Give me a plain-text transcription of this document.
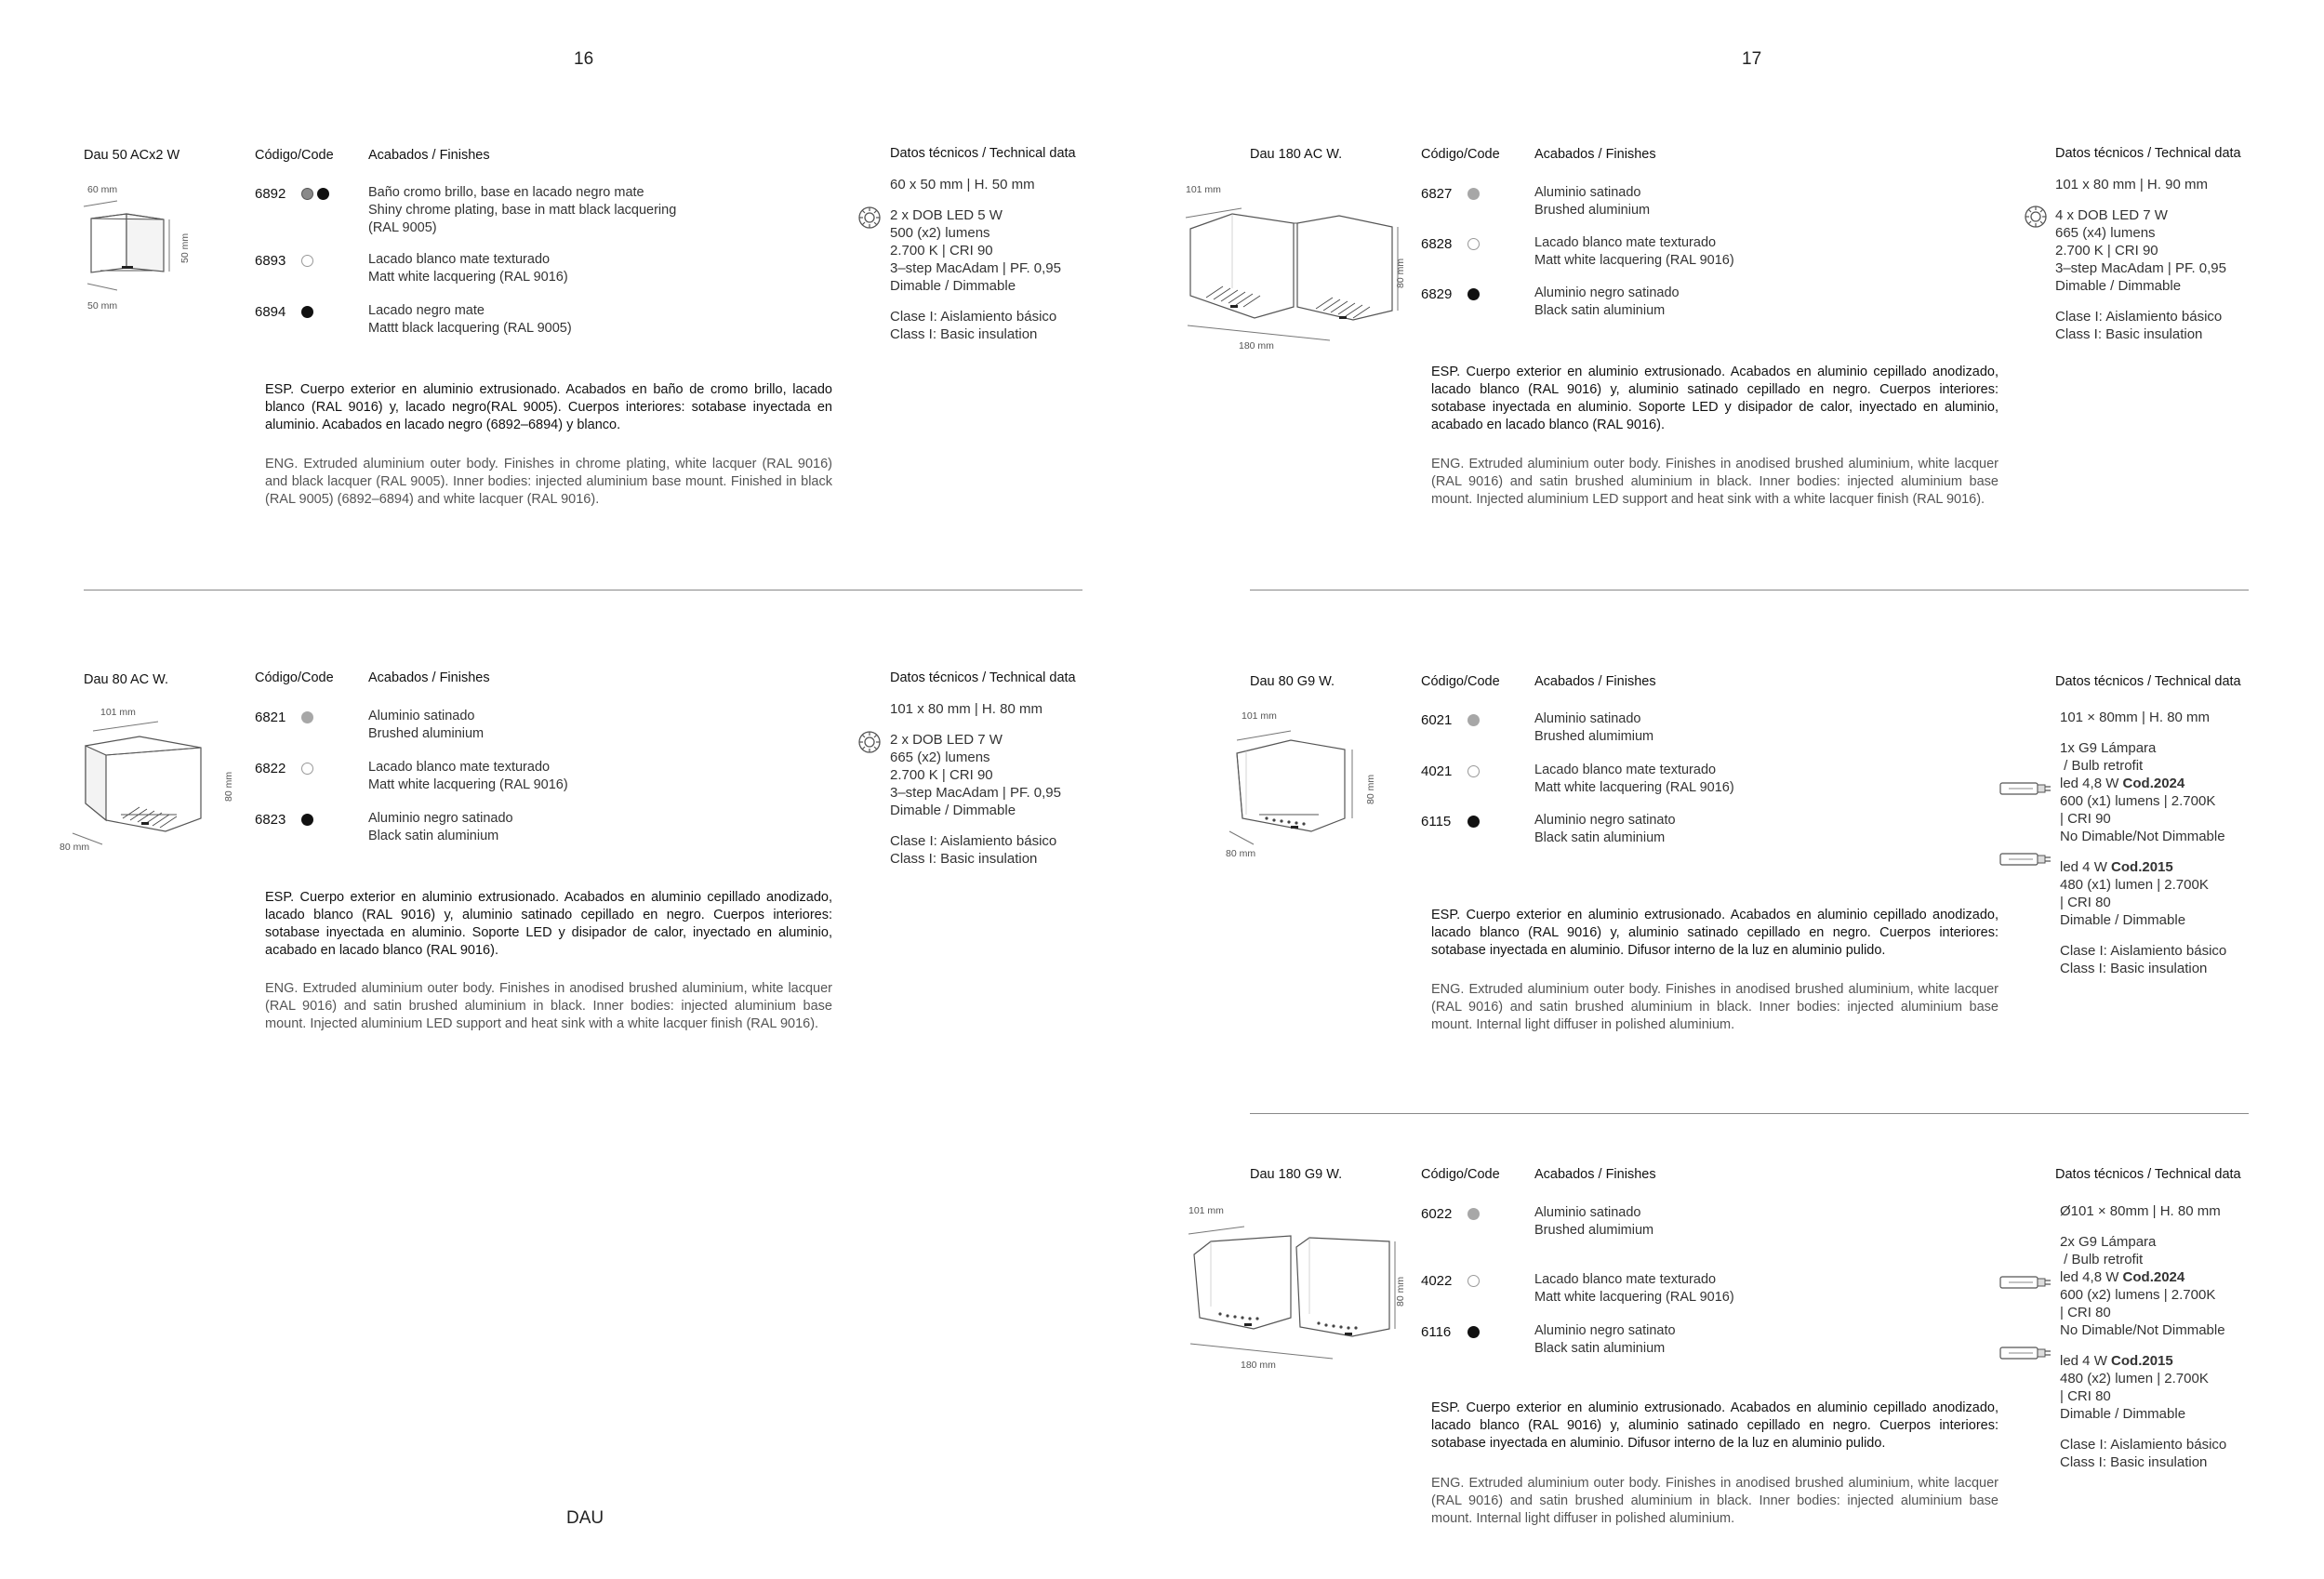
16	17
DAU
Dau 50 ACx2 W	Código/Code	Acabados / Finishes	Datos técnicos / Technical data
60 mm
50 mm
50 mm
6892	Baño cromo brillo, base en lacado negro mate
Shiny chrome plating, base in matt black lacquering
(RAL 9005)
6893	Lacado blanco mate texturado
Matt white lacquering (RAL 9016)
6894	Lacado negro mate
Mattt black lacquering (RAL 9005)

60 x 50 mm | H. 50 mm

2 x DOB LED 5 W

500 (x2) lumens

2.700 K | CRI 90

3–step MacAdam | PF. 0,95

Dimable / Dimmable

Clase I: Aislamiento básico

Class I: Basic insulation

ESP. Cuerpo exterior en aluminio extrusionado. Acabados en baño de cromo brillo, lacado blanco (RAL 9016) y, lacado negro(RAL 9005). Cuerpos interiores: sotabase inyectada en aluminio. Acabados en lacado negro (6892–6894) y blanco.
ENG. Extruded aluminium outer body. Finishes in chrome plating, white lacquer (RAL 9016) and black lacquer (RAL 9005). Inner bodies: injected aluminium base mount. Finished in black (RAL 9005) (6892–6894) and white lacquer (RAL 9016).
Dau 80 AC W.	Código/Code	Acabados / Finishes	Datos técnicos / Technical data
101 mm
80 mm
80 mm
6821	Aluminio satinado
Brushed aluminium
6822	Lacado blanco mate texturado
Matt white lacquering (RAL 9016)
6823	Aluminio negro satinado
Black satin aluminium

101 x 80 mm | H. 80 mm

2 x DOB LED 7 W

665 (x2) lumens

2.700 K | CRI 90

3–step MacAdam | PF. 0,95

Dimable / Dimmable

Clase I: Aislamiento básico

Class I: Basic insulation

ESP. Cuerpo exterior en aluminio extrusionado. Acabados en aluminio cepillado anodizado, lacado blanco (RAL 9016) y, aluminio satinado cepillado en negro. Cuerpos interiores: sotabase inyectada en aluminio. Soporte LED y disipador de calor, inyectado en aluminio, acabado en lacado blanco (RAL 9016).
ENG. Extruded aluminium outer body. Finishes in anodised brushed aluminium, white lacquer (RAL 9016) and satin brushed aluminium in black. Inner bodies: injected aluminium base mount. Injected aluminium LED support and heat sink with a white lacquer finish (RAL 9016).
Dau 180 AC W.	Código/Code	Acabados / Finishes	Datos técnicos / Technical data
101 mm
80 mm
180 mm
6827	Aluminio satinado
Brushed aluminium
6828	Lacado blanco mate texturado
Matt white lacquering (RAL 9016)
6829	Aluminio negro satinado
Black satin aluminium

101 x 80 mm | H. 90 mm

4 x DOB LED 7 W

665 (x4) lumens

2.700 K | CRI 90

3–step MacAdam | PF. 0,95

Dimable / Dimmable

Clase I: Aislamiento básico

Class I: Basic insulation

ESP. Cuerpo exterior en aluminio extrusionado. Acabados en aluminio cepillado anodizado, lacado blanco (RAL 9016) y, aluminio satinado cepillado en negro. Cuerpos interiores: sotabase inyectada en aluminio. Soporte LED y disipador de calor, inyectado en aluminio, acabado en lacado blanco (RAL 9016).
ENG. Extruded aluminium outer body. Finishes in anodised brushed aluminium, white lacquer (RAL 9016) and satin brushed aluminium in black. Inner bodies: injected aluminium base mount. Injected aluminium LED support and heat sink with a white lacquer finish (RAL 9016).
Dau 80 G9 W.	Código/Code	Acabados / Finishes	Datos técnicos / Technical data
101 mm
80 mm
80 mm
6021	Aluminio satinado
Brushed alumimium
4021	Lacado blanco mate texturado
Matt white lacquering (RAL 9016)
6115	Aluminio negro satinato
Black satin aluminium

101 × 80mm | H. 80 mm

1x G9 Lámpara

/ Bulb retrofit

led 4,8 W Cod.2024

600 (x1) lumens | 2.700K

| CRI 90

No Dimable/Not Dimmable

led 4 W Cod.2015

480 (x1) lumen | 2.700K

| CRI 80

Dimable / Dimmable

Clase I: Aislamiento básico

Class I: Basic insulation

ESP. Cuerpo exterior en aluminio extrusionado. Acabados en aluminio cepillado anodizado, lacado blanco (RAL 9016) y, aluminio satinado cepillado en negro. Cuerpos interiores: sotabase inyectada en aluminio. Difusor interno de la luz en aluminio pulido.
ENG. Extruded aluminium outer body. Finishes in anodised brushed aluminium, white lacquer (RAL 9016) and satin brushed aluminium in black. Inner bodies: injected aluminium base mount. Internal light diffuser in polished aluminium.
Dau 180 G9 W.	Código/Code	Acabados / Finishes	Datos técnicos / Technical data
101 mm
80 mm
180 mm
6022	Aluminio satinado
Brushed alumimium
4022	Lacado blanco mate texturado
Matt white lacquering (RAL 9016)
6116	Aluminio negro satinato
Black satin aluminium

Ø101 × 80mm | H. 80 mm

2x G9 Lámpara

/ Bulb retrofit

led 4,8 W Cod.2024

600 (x2) lumens | 2.700K

| CRI 80

No Dimable/Not Dimmable

led 4 W Cod.2015

480 (x2) lumen | 2.700K

| CRI 80

Dimable / Dimmable

Clase I: Aislamiento básico

Class I: Basic insulation

ESP. Cuerpo exterior en aluminio extrusionado. Acabados en aluminio cepillado anodizado, lacado blanco (RAL 9016) y, aluminio satinado cepillado en negro. Cuerpos interiores: sotabase inyectada en aluminio. Difusor interno de la luz en aluminio pulido.
ENG. Extruded aluminium outer body. Finishes in anodised brushed aluminium, white lacquer (RAL 9016) and satin brushed aluminium in black. Inner bodies: injected aluminium base mount. Internal light diffuser in polished aluminium.
